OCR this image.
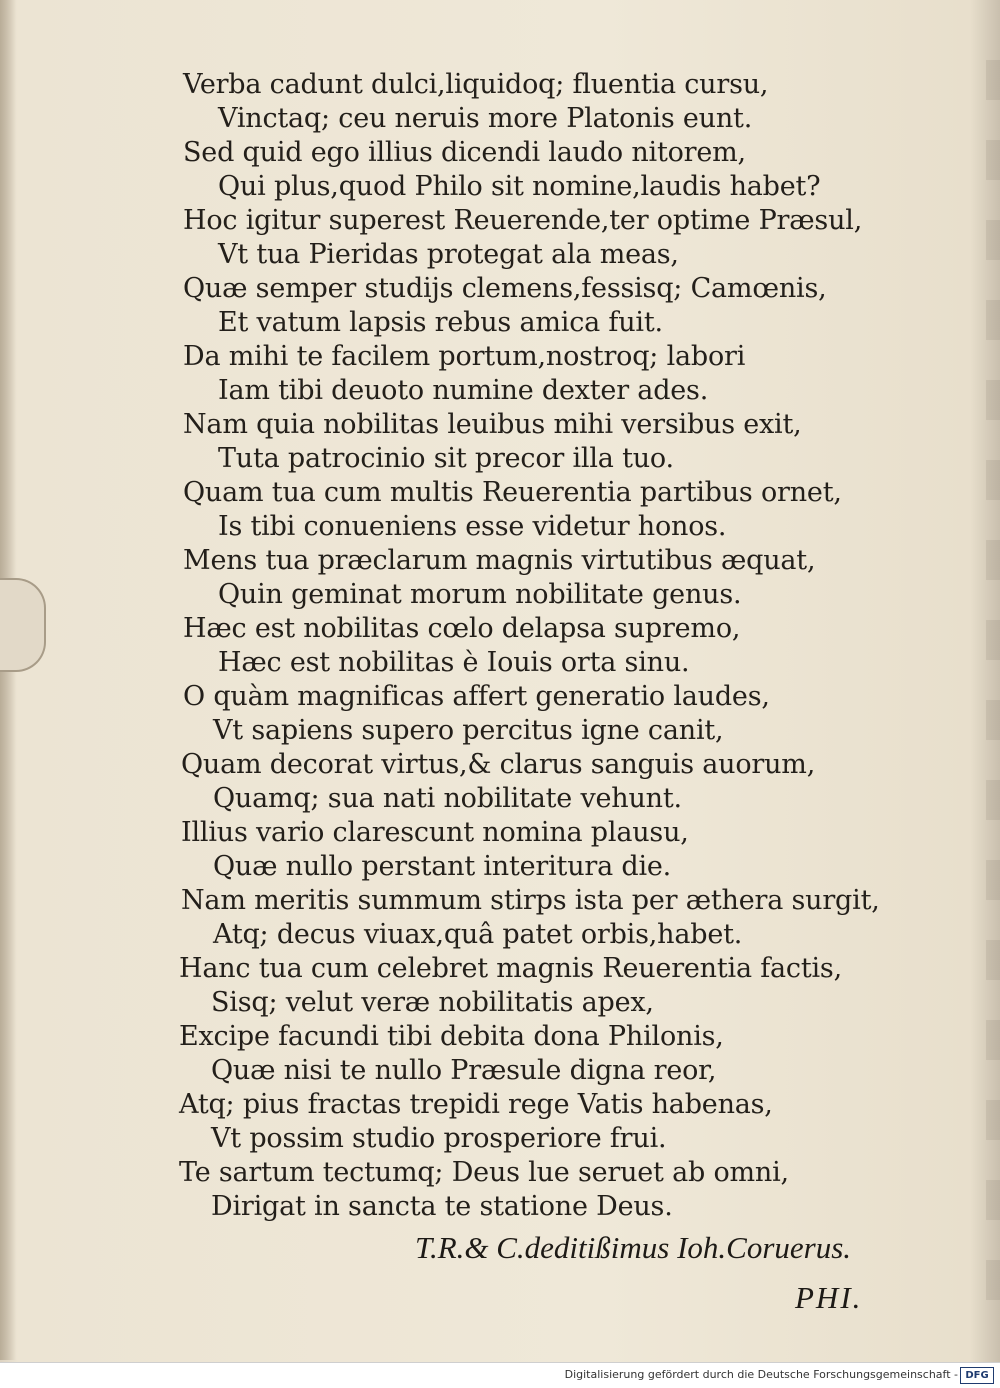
Verba cadunt dulci,liquidoq; fluentia cursu,
Vinctaq; ceu neruis more Platonis eunt.
Sed quid ego illius dicendi laudo nitorem,
Qui plus,quod Philo sit nomine,laudis habet?
Hoc igitur superest Reuerende,ter optime Præsul,
Vt tua Pieridas protegat ala meas,
Quæ semper studijs clemens,fessisq; Camœnis,
Et vatum lapsis rebus amica fuit.
Da mihi te facilem portum,nostroq; labori
Iam tibi deuoto numine dexter ades.
Nam quia nobilitas leuibus mihi versibus exit,
Tuta patrocinio sit precor illa tuo.
Quam tua cum multis Reuerentia partibus ornet,
Is tibi conueniens esse videtur honos.
Mens tua præclarum magnis virtutibus æquat,
Quin geminat morum nobilitate genus.
Hæc est nobilitas cœlo delapsa supremo,
Hæc est nobilitas è Iouis orta sinu.
O quàm magnificas affert generatio laudes,
Vt sapiens supero percitus igne canit,
Quam decorat virtus,& clarus sanguis auorum,
Quamq; sua nati nobilitate vehunt.
Illius vario clarescunt nomina plausu,
Quæ nullo perstant interitura die.
Nam meritis summum stirps ista per æthera surgit,
Atq; decus viuax,quâ patet orbis,habet.
Hanc tua cum celebret magnis Reuerentia factis,
Sisq; velut veræ nobilitatis apex,
Excipe facundi tibi debita dona Philonis,
Quæ nisi te nullo Præsule digna reor,
Atq; pius fractas trepidi rege Vatis habenas,
Vt possim studio prosperiore frui.
Te sartum tectumq; Deus lue seruet ab omni,
Dirigat in sancta te statione Deus.
T.R.& C.deditißimus Ioh.Coruerus.
PHI.
Digitalisierung gefördert durch die Deutsche Forschungsgemeinschaft - DFG
